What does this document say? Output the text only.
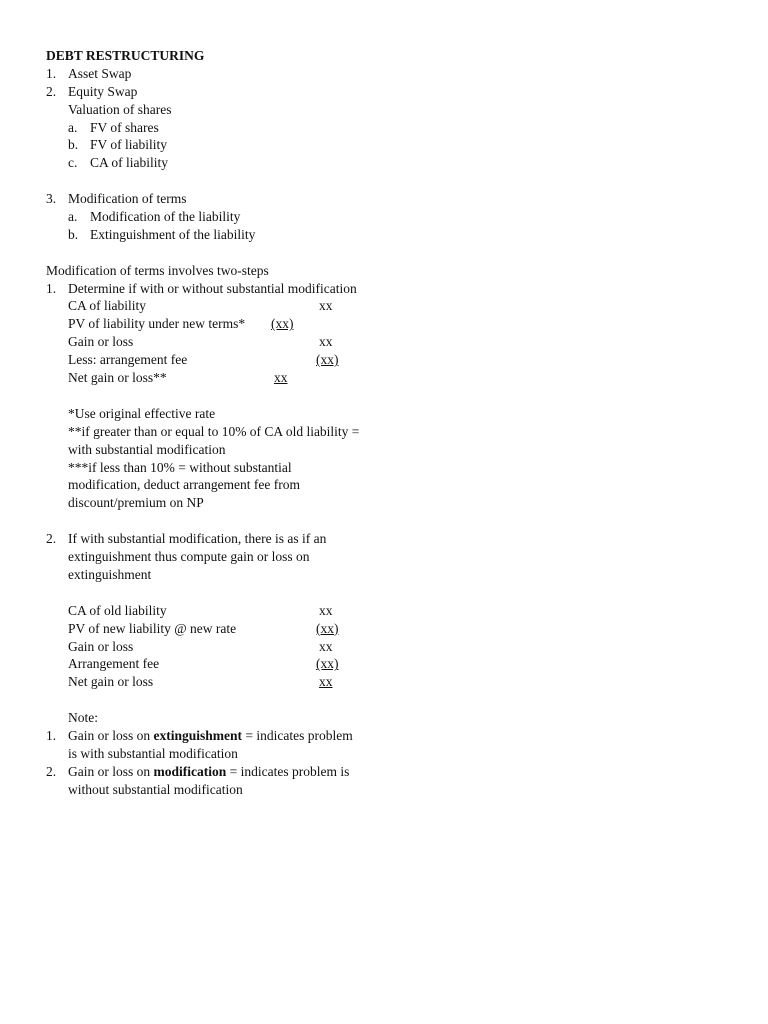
DEBT RESTRUCTURING
1. Asset Swap
2. Equity Swap
Valuation of shares
a. FV of shares
b. FV of liability
c. CA of liability
3. Modification of terms
a. Modification of the liability
b. Extinguishment of the liability
Modification of terms involves two-steps
1. Determine if with or without substantial modification
CA of liability	xx
PV of liability under new terms* (xx)
Gain or loss	xx
Less: arrangement fee	(xx)
Net gain or loss**	xx
*Use original effective rate
**if greater than or equal to 10% of CA old liability = with substantial modification
***if less than 10% = without substantial modification, deduct arrangement fee from discount/premium on NP
2. If with substantial modification, there is as if an extinguishment thus compute gain or loss on extinguishment
CA of old liability	xx
PV of new liability @ new rate	(xx)
Gain or loss	xx
Arrangement fee	(xx)
Net gain or loss	xx
Note:
1. Gain or loss on extinguishment = indicates problem is with substantial modification
2. Gain or loss on modification = indicates problem is without substantial modification
